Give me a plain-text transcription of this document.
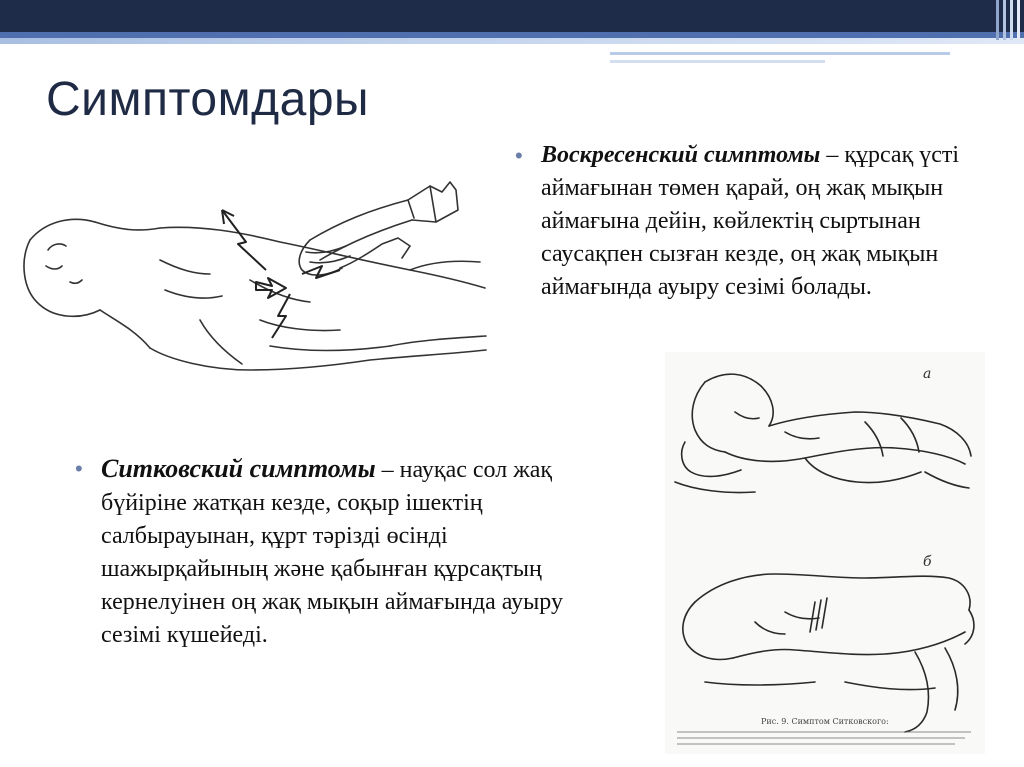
Симптомдары
а
б
Рис. 9. Симптом Ситковского:
• Воскресенский симптомы – құрсақ үсті аймағынан төмен қарай, оң жақ мықын аймағына дейін, көйлектің сыртынан саусақпен сызған кезде, оң жақ мықын аймағында ауыру сезімі болады.
• Ситковский симптомы – науқас сол жақ бүйіріне жатқан кезде, соқыр ішектің салбырауынан, құрт тәрізді өсінді шажырқайының және қабынған құрсақтың кернелуінен оң жақ мықын аймағында ауыру сезімі күшейеді.
